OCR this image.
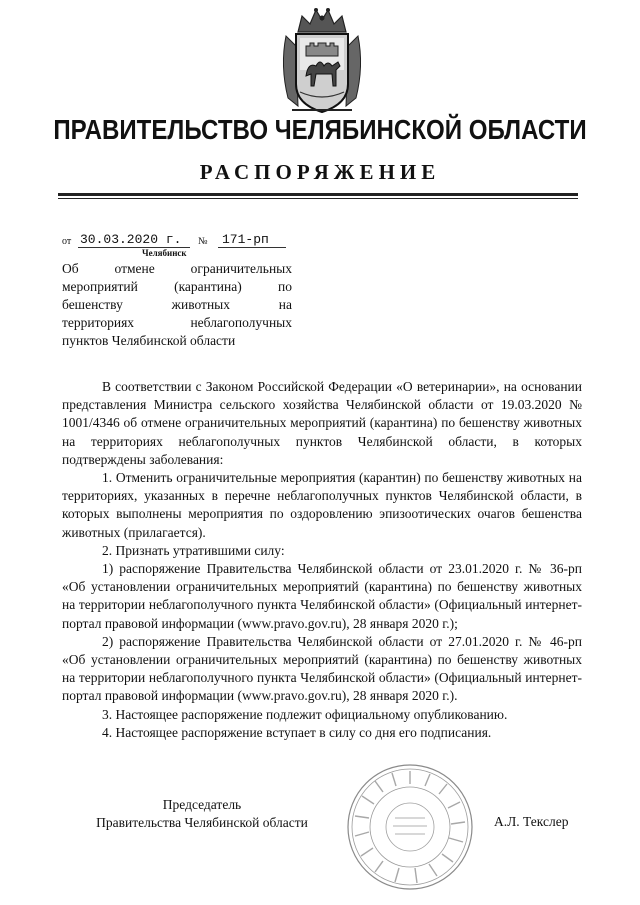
ПРАВИТЕЛЬСТВО ЧЕЛЯБИНСКОЙ ОБЛАСТИ
РАСПОРЯЖЕНИЕ
от 30.03.2020 г. № 171-рп
Челябинск
Об отмене ограничительных
мероприятий (карантина) по
бешенству животных на
территориях неблагополучных
пунктов Челябинской области

В соответствии с Законом Российской Федерации «О ветеринарии», на основании представления Министра сельского хозяйства Челябинской области от 19.03.2020 № 1001/4346 об отмене ограничительных мероприятий (карантина) по бешенству животных на территориях неблагополучных пунктов Челябинской области, в которых подтверждены заболевания:

1. Отменить ограничительные мероприятия (карантин) по бешенству животных на территориях, указанных в перечне неблагополучных пунктов Челябинской области, в которых выполнены мероприятия по оздоровлению эпизоотических очагов бешенства животных (прилагается).

2. Признать утратившими силу:

1) распоряжение Правительства Челябинской области от 23.01.2020 г. № 36-рп «Об установлении ограничительных мероприятий (карантина) по бешенству животных на территории неблагополучного пункта Челябинской области» (Официальный интернет-портал правовой информации (www.pravo.gov.ru), 28 января 2020 г.);

2) распоряжение Правительства Челябинской области от 27.01.2020 г. № 46-рп «Об установлении ограничительных мероприятий (карантина) по бешенству животных на территории неблагополучного пункта Челябинской области» (Официальный интернет-портал правовой информации (www.pravo.gov.ru), 28 января 2020 г.).

3. Настоящее распоряжение подлежит официальному опубликованию.

4. Настоящее распоряжение вступает в силу со дня его подписания.

Председатель
Правительства Челябинской области	А.Л. Текслер
